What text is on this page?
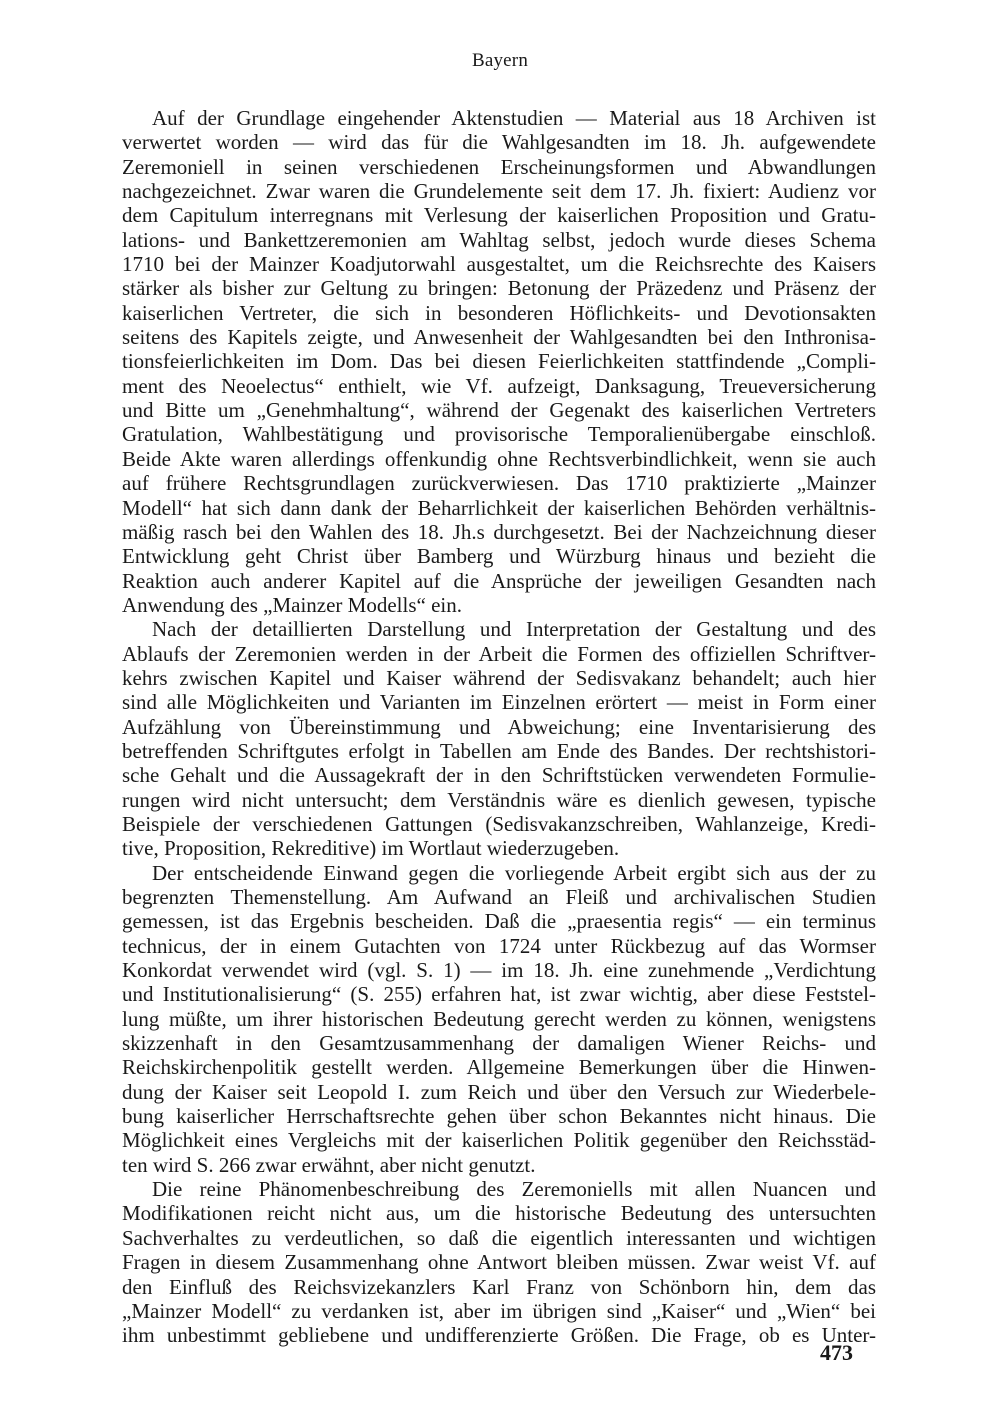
Bayern
Auf der Grundlage eingehender Aktenstudien — Material aus 18 Archiven ist
verwertet worden — wird das für die Wahlgesandten im 18. Jh. aufgewendete
Zeremoniell in seinen verschiedenen Erscheinungsformen und Abwandlungen
nachgezeichnet. Zwar waren die Grundelemente seit dem 17. Jh. fixiert: Audienz vor
dem Capitulum interregnans mit Verlesung der kaiserlichen Proposition und Gratu-
lations- und Bankettzeremonien am Wahltag selbst, jedoch wurde dieses Schema
1710 bei der Mainzer Koadjutorwahl ausgestaltet, um die Reichsrechte des Kaisers
stärker als bisher zur Geltung zu bringen: Betonung der Präzedenz und Präsenz der
kaiserlichen Vertreter, die sich in besonderen Höflichkeits- und Devotionsakten
seitens des Kapitels zeigte, und Anwesenheit der Wahlgesandten bei den Inthronisa-
tionsfeierlichkeiten im Dom. Das bei diesen Feierlichkeiten stattfindende „Compli-
ment des Neoelectus“ enthielt, wie Vf. aufzeigt, Danksagung, Treueversicherung
und Bitte um „Genehmhaltung“, während der Gegenakt des kaiserlichen Vertreters
Gratulation, Wahlbestätigung und provisorische Temporalienübergabe einschloß.
Beide Akte waren allerdings offenkundig ohne Rechtsverbindlichkeit, wenn sie auch
auf frühere Rechtsgrundlagen zurückverwiesen. Das 1710 praktizierte „Mainzer
Modell“ hat sich dann dank der Beharrlichkeit der kaiserlichen Behörden verhältnis-
mäßig rasch bei den Wahlen des 18. Jh.s durchgesetzt. Bei der Nachzeichnung dieser
Entwicklung geht Christ über Bamberg und Würzburg hinaus und bezieht die
Reaktion auch anderer Kapitel auf die Ansprüche der jeweiligen Gesandten nach
Anwendung des „Mainzer Modells“ ein.
Nach der detaillierten Darstellung und Interpretation der Gestaltung und des
Ablaufs der Zeremonien werden in der Arbeit die Formen des offiziellen Schriftver-
kehrs zwischen Kapitel und Kaiser während der Sedisvakanz behandelt; auch hier
sind alle Möglichkeiten und Varianten im Einzelnen erörtert — meist in Form einer
Aufzählung von Übereinstimmung und Abweichung; eine Inventarisierung des
betreffenden Schriftgutes erfolgt in Tabellen am Ende des Bandes. Der rechtshistori-
sche Gehalt und die Aussagekraft der in den Schriftstücken verwendeten Formulie-
rungen wird nicht untersucht; dem Verständnis wäre es dienlich gewesen, typische
Beispiele der verschiedenen Gattungen (Sedisvakanzschreiben, Wahlanzeige, Kredi-
tive, Proposition, Rekreditive) im Wortlaut wiederzugeben.
Der entscheidende Einwand gegen die vorliegende Arbeit ergibt sich aus der zu
begrenzten Themenstellung. Am Aufwand an Fleiß und archivalischen Studien
gemessen, ist das Ergebnis bescheiden. Daß die „praesentia regis“ — ein terminus
technicus, der in einem Gutachten von 1724 unter Rückbezug auf das Wormser
Konkordat verwendet wird (vgl. S. 1) — im 18. Jh. eine zunehmende „Verdichtung
und Institutionalisierung“ (S. 255) erfahren hat, ist zwar wichtig, aber diese Feststel-
lung müßte, um ihrer historischen Bedeutung gerecht werden zu können, wenigstens
skizzenhaft in den Gesamtzusammenhang der damaligen Wiener Reichs- und
Reichskirchenpolitik gestellt werden. Allgemeine Bemerkungen über die Hinwen-
dung der Kaiser seit Leopold I. zum Reich und über den Versuch zur Wiederbele-
bung kaiserlicher Herrschaftsrechte gehen über schon Bekanntes nicht hinaus. Die
Möglichkeit eines Vergleichs mit der kaiserlichen Politik gegenüber den Reichsstäd-
ten wird S. 266 zwar erwähnt, aber nicht genutzt.
Die reine Phänomenbeschreibung des Zeremoniells mit allen Nuancen und
Modifikationen reicht nicht aus, um die historische Bedeutung des untersuchten
Sachverhaltes zu verdeutlichen, so daß die eigentlich interessanten und wichtigen
Fragen in diesem Zusammenhang ohne Antwort bleiben müssen. Zwar weist Vf. auf
den Einfluß des Reichsvizekanzlers Karl Franz von Schönborn hin, dem das
„Mainzer Modell“ zu verdanken ist, aber im übrigen sind „Kaiser“ und „Wien“ bei
ihm unbestimmt gebliebene und undifferenzierte Größen. Die Frage, ob es Unter-
473
